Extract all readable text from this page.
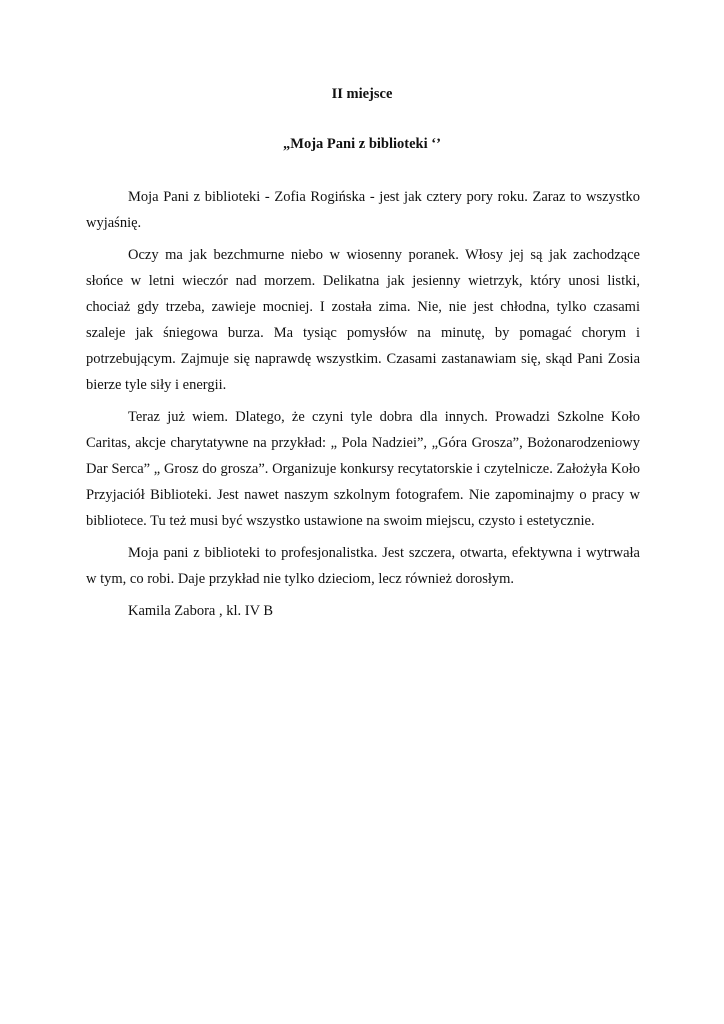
II miejsce

„Moja Pani z biblioteki ‘’

Moja Pani z biblioteki - Zofia Rogińska - jest jak cztery pory roku. Zaraz to wszystko wyjaśnię.

Oczy ma jak bezchmurne niebo w wiosenny poranek. Włosy jej są jak zachodzące słońce w letni wieczór nad morzem. Delikatna jak jesienny wietrzyk, który unosi listki, chociaż gdy trzeba, zawieje mocniej. I została zima. Nie, nie jest chłodna, tylko czasami szaleje jak śniegowa burza. Ma tysiąc pomysłów na minutę, by pomagać chorym i potrzebującym. Zajmuje się naprawdę wszystkim. Czasami zastanawiam się, skąd Pani Zosia bierze tyle siły i energii.

Teraz już wiem. Dlatego, że czyni tyle dobra dla innych. Prowadzi Szkolne Koło Caritas, akcje charytatywne na przykład: „ Pola Nadziei”, „Góra Grosza”, Bożonarodzeniowy Dar Serca” „ Grosz do grosza”. Organizuje konkursy recytatorskie i czytelnicze. Założyła Koło Przyjaciół Biblioteki. Jest nawet naszym szkolnym fotografem. Nie zapominajmy o pracy w bibliotece. Tu też musi być wszystko ustawione na swoim miejscu, czysto i estetycznie.

Moja pani z biblioteki to profesjonalistka. Jest szczera, otwarta, efektywna i wytrwała w tym, co robi. Daje przykład nie tylko dzieciom, lecz również dorosłym.

Kamila Zabora , kl. IV B
